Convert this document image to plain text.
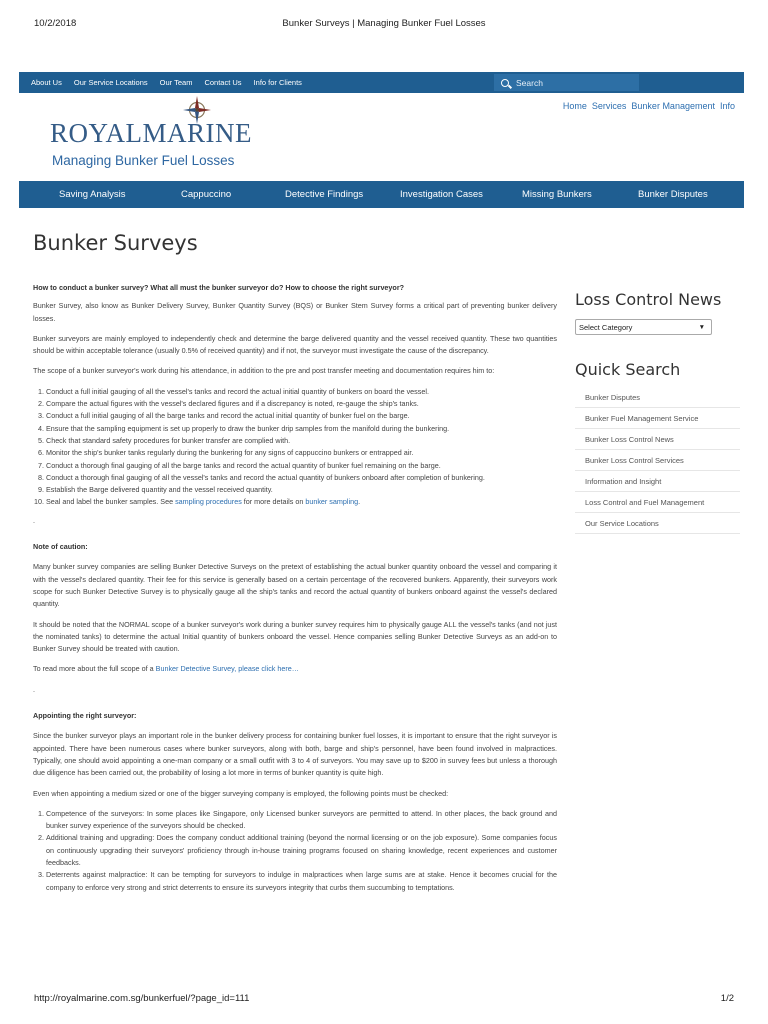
10/2/2018	Bunker Surveys | Managing Bunker Fuel Losses
About Us Our Service Locations Our Team Contact Us Info for Clients
Search
ROYALMARINE
Managing Bunker Fuel Losses
Home Services Bunker Management Info
Saving Analysis	Cappuccino	Detective Findings	Investigation Cases	Missing Bunkers	Bunker Disputes
Bunker Surveys

How to conduct a bunker survey? What all must the bunker surveyor do? How to choose the right surveyor?

Bunker Survey, also know as Bunker Delivery Survey, Bunker Quantity Survey (BQS) or Bunker Stem Survey forms a critical part of preventing bunker delivery losses.

Bunker surveyors are mainly employed to independently check and determine the barge delivered quantity and the vessel received quantity. These two quantities should be within acceptable tolerance (usually 0.5% of received quantity) and if not, the surveyor must investigate the cause of the discrepancy.

The scope of a bunker surveyor's work during his attendance, in addition to the pre and post transfer meeting and documentation requires him to:

1. Conduct a full initial gauging of all the vessel's tanks and record the actual initial quantity of bunkers on board the vessel.
2. Compare the actual figures with the vessel's declared figures and if a discrepancy is noted, re-gauge the ship's tanks.
3. Conduct a full initial gauging of all the barge tanks and record the actual initial quantity of bunker fuel on the barge.
4. Ensure that the sampling equipment is set up properly to draw the bunker drip samples from the manifold during the bunkering.
5. Check that standard safety procedures for bunker transfer are complied with.
6. Monitor the ship's bunker tanks regularly during the bunkering for any signs of cappuccino bunkers or entrapped air.
7. Conduct a thorough final gauging of all the barge tanks and record the actual quantity of bunker fuel remaining on the barge.
8. Conduct a thorough final gauging of all the vessel's tanks and record the actual quantity of bunkers onboard after completion of bunkering.
9. Establish the Barge delivered quantity and the vessel received quantity.
10. Seal and label the bunker samples. See sampling procedures for more details on bunker sampling.

.

Note of caution:

Many bunker survey companies are selling Bunker Detective Surveys on the pretext of establishing the actual bunker quantity onboard the vessel and comparing it with the vessel's declared quantity. Their fee for this service is generally based on a certain percentage of the recovered bunkers. Apparently, their surveyors work scope for such Bunker Detective Survey is to physically gauge all the ship's tanks and record the actual quantity of bunkers onboard against the vessel's declared quantity.

It should be noted that the NORMAL scope of a bunker surveyor's work during a bunker survey requires him to physically gauge ALL the vessel's tanks (and not just the nominated tanks) to determine the actual Initial quantity of bunkers onboard the vessel. Hence companies selling Bunker Detective Surveys as an add-on to Bunker Survey should be treated with caution.

To read more about the full scope of a Bunker Detective Survey, please click here…

.

Appointing the right surveyor:

Since the bunker surveyor plays an important role in the bunker delivery process for containing bunker fuel losses, it is important to ensure that the right surveyor is appointed. There have been numerous cases where bunker surveyors, along with both, barge and ship's personnel, have been found involved in malpractices. Typically, one should avoid appointing a one-man company or a small outfit with 3 to 4 of surveyors. You may save up to $200 in survey fees but unless a thorough due diligence has been carried out, the probability of losing a lot more in terms of bunker quantity is quite high.

Even when appointing a medium sized or one of the bigger surveying company is employed, the following points must be checked:

1. Competence of the surveyors: In some places like Singapore, only Licensed bunker surveyors are permitted to attend. In other places, the back ground and bunker survey experience of the surveyors should be checked.
2. Additional training and upgrading: Does the company conduct additional training (beyond the normal licensing or on the job exposure). Some companies focus on continuously upgrading their surveyors' proficiency through in-house training programs focused on sharing knowledge, recent experiences and customer feedbacks.
3. Deterrents against malpractice: It can be tempting for surveyors to indulge in malpractices when large sums are at stake. Hence it becomes crucial for the company to enforce very strong and strict deterrents to ensure its surveyors integrity that curbs them succumbing to temptations.
Loss Control News
Select Category	▼
Quick Search
Bunker Disputes
Bunker Fuel Management Service
Bunker Loss Control News
Bunker Loss Control Services
Information and Insight
Loss Control and Fuel Management
Our Service Locations
http://royalmarine.com.sg/bunkerfuel/?page_id=111	1/2
